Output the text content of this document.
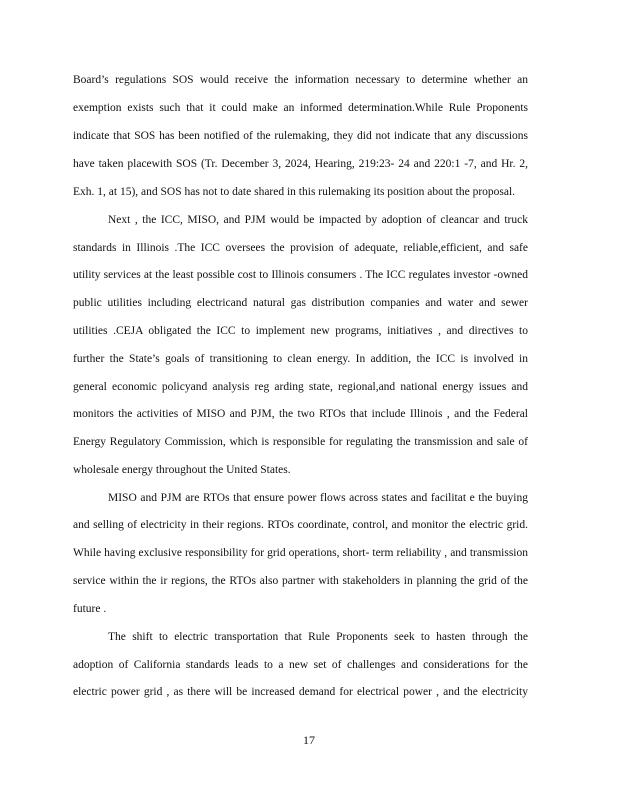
Board’s regulations SOS would receive the information necessary to determine whether an
exemption exists such that it could make an informed determination.While Rule Proponents
indicate that SOS has been notified of the rulemaking, they did not indicate that any discussions
have taken placewith SOS (Tr. December 3, 2024, Hearing, 219:23- 24 and 220:1 -7, and Hr. 2,
Exh. 1, at 15), and SOS has not to date shared in this rulemaking its position about the proposal.
Next , the ICC, MISO, and PJM would be impacted by adoption of cleancar and truck
standards in Illinois .The ICC oversees the provision of adequate, reliable,efficient, and safe
utility services at the least possible cost to Illinois consumers . The ICC regulates investor -owned
public utilities including electricand natural gas distribution companies and water and sewer
utilities .CEJA obligated the ICC to implement new programs, initiatives , and directives to
further the State’s goals of transitioning to clean energy. In addition, the ICC is involved in
general economic policyand analysis reg arding state, regional,and national energy issues and
monitors the activities of MISO and PJM, the two RTOs that include Illinois , and the Federal
Energy Regulatory Commission, which is responsible for regulating the transmission and sale of
wholesale energy throughout the United States.
MISO and PJM are RTOs that ensure power flows across states and facilitat e the buying
and selling of electricity in their regions. RTOs coordinate, control, and monitor the electric grid.
While having exclusive responsibility for grid operations, short- term reliability , and transmission
service within the ir regions, the RTOs also partner with stakeholders in planning the grid of the
future .
The shift to electric transportation that Rule Proponents seek to hasten through the
adoption of California standards leads to a new set of challenges and considerations for the
electric power grid , as there will be increased demand for electrical power , and the electricity
17
